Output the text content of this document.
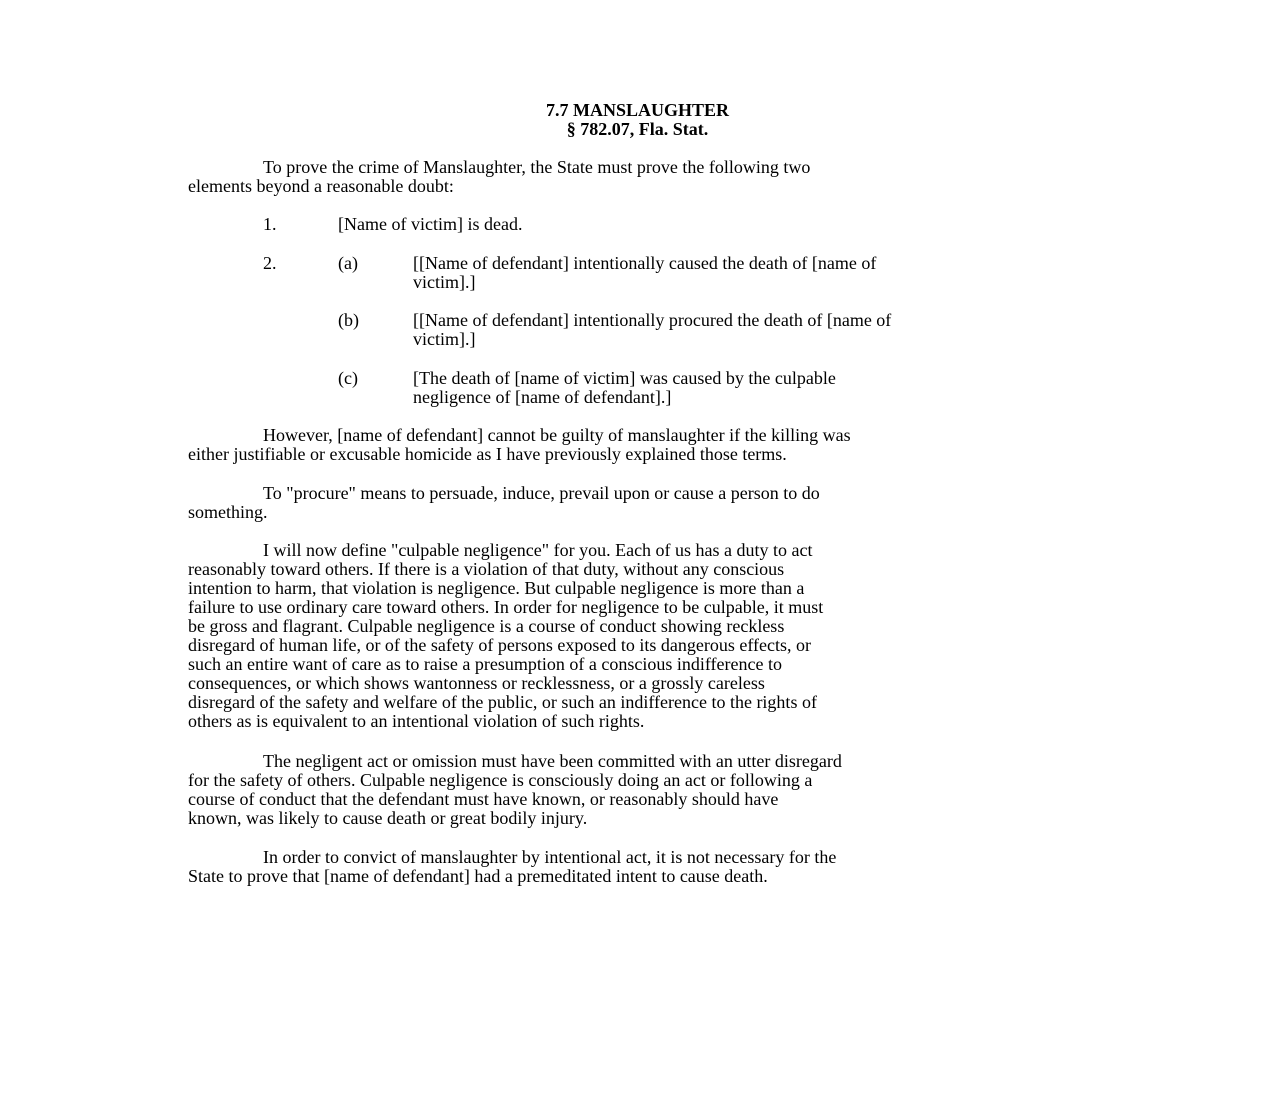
7.7 MANSLAUGHTER
§ 782.07, Fla. Stat.
To prove the crime of Manslaughter, the State must prove the following two
elements beyond a reasonable doubt:
1.	[Name of victim] is dead.
2.	(a)	[[Name of defendant] intentionally caused the death of [name of
victim].]
(b)	[[Name of defendant] intentionally procured the death of [name of
victim].]
(c)	[The death of [name of victim] was caused by the culpable
negligence of [name of defendant].]
However, [name of defendant] cannot be guilty of manslaughter if the killing was
either justifiable or excusable homicide as I have previously explained those terms.
To "procure" means to persuade, induce, prevail upon or cause a person to do
something.
I will now define "culpable negligence" for you. Each of us has a duty to act
reasonably toward others. If there is a violation of that duty, without any conscious
intention to harm, that violation is negligence. But culpable negligence is more than a
failure to use ordinary care toward others. In order for negligence to be culpable, it must
be gross and flagrant. Culpable negligence is a course of conduct showing reckless
disregard of human life, or of the safety of persons exposed to its dangerous effects, or
such an entire want of care as to raise a presumption of a conscious indifference to
consequences, or which shows wantonness or recklessness, or a grossly careless
disregard of the safety and welfare of the public, or such an indifference to the rights of
others as is equivalent to an intentional violation of such rights.
The negligent act or omission must have been committed with an utter disregard
for the safety of others. Culpable negligence is consciously doing an act or following a
course of conduct that the defendant must have known, or reasonably should have
known, was likely to cause death or great bodily injury.
In order to convict of manslaughter by intentional act, it is not necessary for the
State to prove that [name of defendant] had a premeditated intent to cause death.
